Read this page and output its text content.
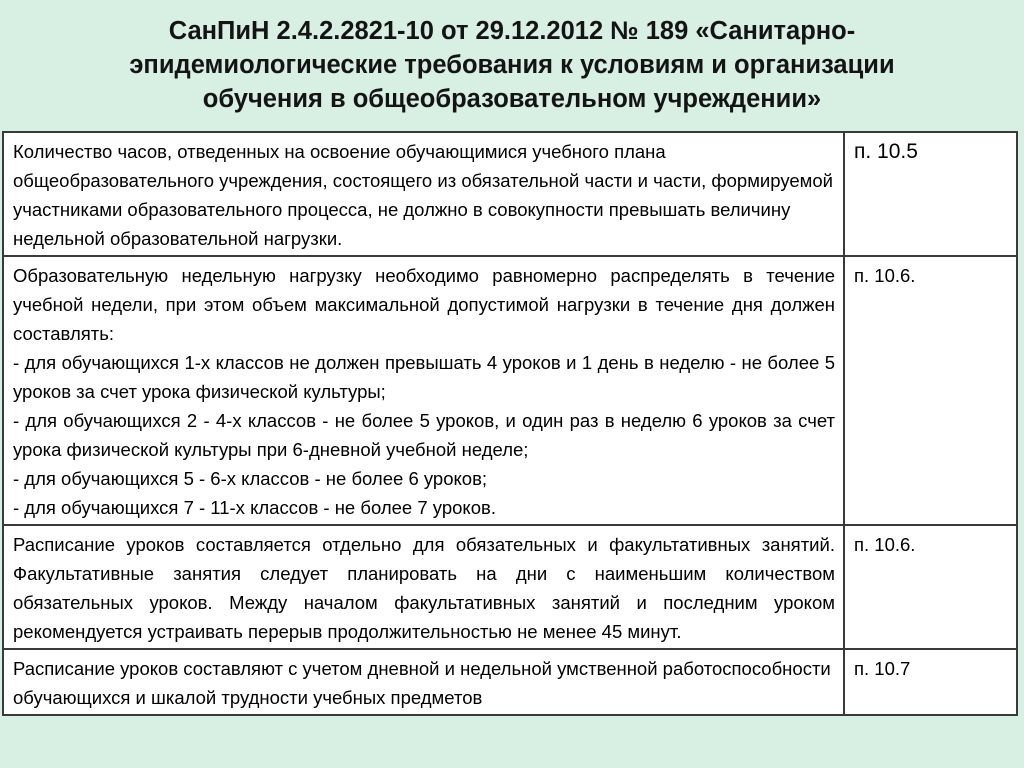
СанПиН 2.4.2.2821-10 от 29.12.2012 № 189 «Санитарно-
эпидемиологические требования к условиям и организации
обучения в общеобразовательном учреждении»
Количество часов, отведенных на освоение обучающимися учебного плана общеобразовательного учреждения, состоящего из обязательной части и части, формируемой участниками образовательного процесса, не должно в совокупности превышать величину недельной образовательной нагрузки.	п. 10.5

Образовательную недельную нагрузку необходимо равномерно распределять в течение учебной недели, при этом объем максимальной допустимой нагрузки в течение дня должен составлять:
- для обучающихся 1-х классов не должен превышать 4 уроков и 1 день в неделю - не более 5 уроков за счет урока физической культуры;
- для обучающихся 2 - 4-х классов - не более 5 уроков, и один раз в неделю 6 уроков за счет урока физической культуры при 6-дневной учебной неделе;
- для обучающихся 5 - 6-х классов - не более 6 уроков;
- для обучающихся 7 - 11-х классов - не более 7 уроков.	п. 10.6.

Расписание уроков составляется отдельно для обязательных и факультативных занятий. Факультативные занятия следует планировать на дни с наименьшим количеством обязательных уроков. Между началом факультативных занятий и последним уроком рекомендуется устраивать перерыв продолжительностью не менее 45 минут.	п. 10.6.

Расписание уроков составляют с учетом дневной и недельной умственной работоспособности обучающихся и шкалой трудности учебных предметов	п. 10.7
